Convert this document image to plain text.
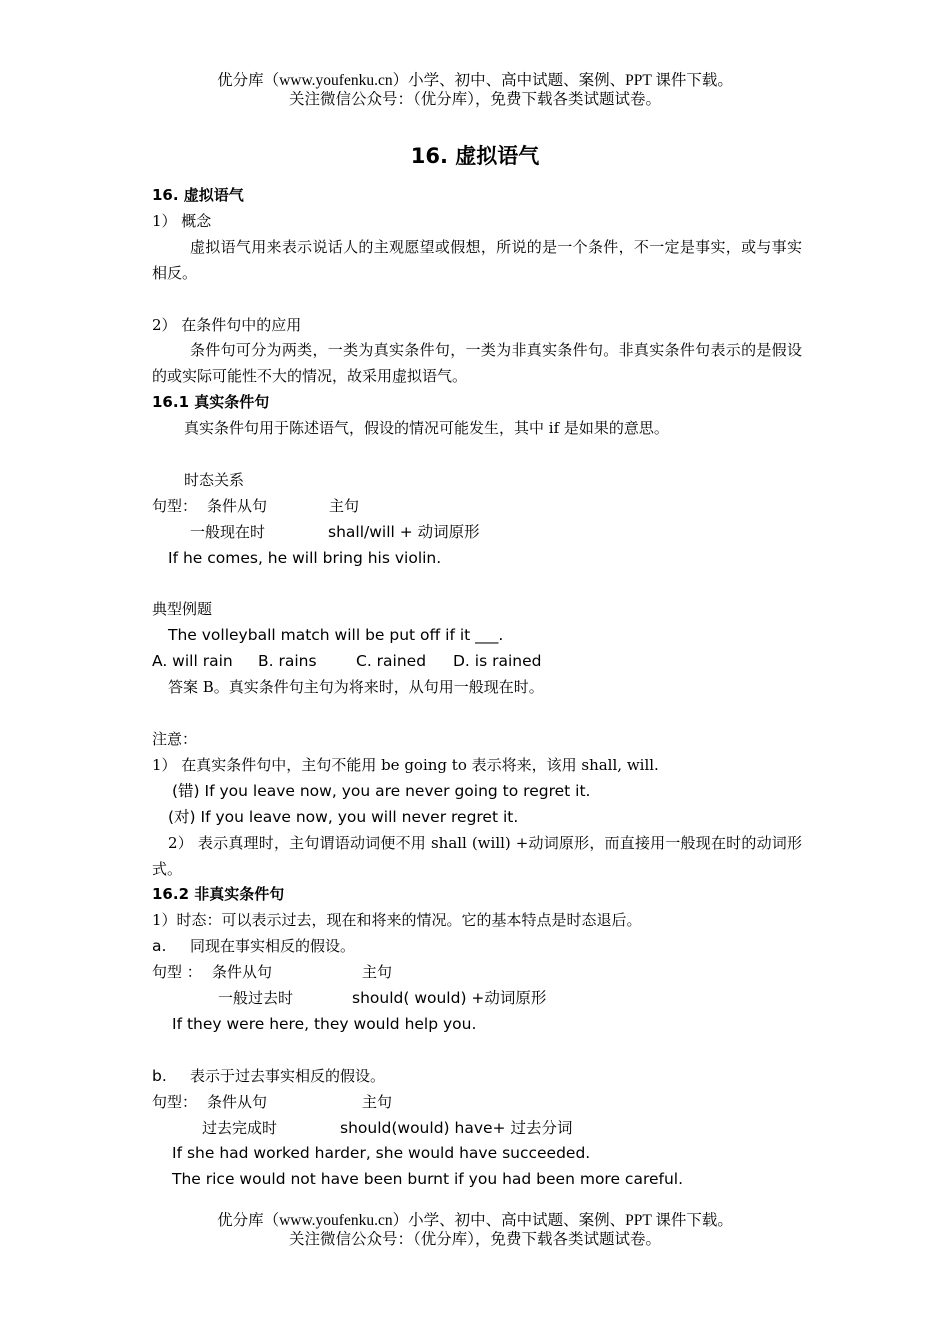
优分库（www.youfenku.cn）小学、初中、高中试题、案例、PPT 课件下载。
关注微信公众号：（优分库），免费下载各类试题试卷。
16. 虚拟语气

16. 虚拟语气

1） 概念

虚拟语气用来表示说话人的主观愿望或假想，所说的是一个条件，不一定是事实，或与事实相反。

2） 在条件句中的应用

条件句可分为两类，一类为真实条件句，一类为非真实条件句。非真实条件句表示的是假设的或实际可能性不大的情况，故采用虚拟语气。

16.1 真实条件句

真实条件句用于陈述语气，假设的情况可能发生，其中 if 是如果的意思。

时态关系

句型： 条件从句	主句

一般现在时	shall/will + 动词原形

If he comes, he will bring his violin.

典型例题

The volleyball match will be put off if it ___.

A. will rain B. rains	C. rained D. is rained

答案 B。真实条件句主句为将来时，从句用一般现在时。

注意：

1） 在真实条件句中，主句不能用 be going to 表示将来，该用 shall, will.

(错) If you leave now, you are never going to regret it.

(对) If you leave now, you will never regret it.

2） 表示真理时，主句谓语动词便不用 shall (will) +动词原形，而直接用一般现在时的动词形式。

16.2 非真实条件句

1）时态：可以表示过去，现在和将来的情况。它的基本特点是时态退后。

a. 同现在事实相反的假设。

句型 ： 条件从句	主句

一般过去时	should( would) +动词原形

If they were here, they would help you.

b. 表示于过去事实相反的假设。

句型： 条件从句	主句

过去完成时	should(would) have+ 过去分词

If she had worked harder, she would have succeeded.

The rice would not have been burnt if you had been more careful.

优分库（www.youfenku.cn）小学、初中、高中试题、案例、PPT 课件下载。
关注微信公众号：（优分库），免费下载各类试题试卷。
